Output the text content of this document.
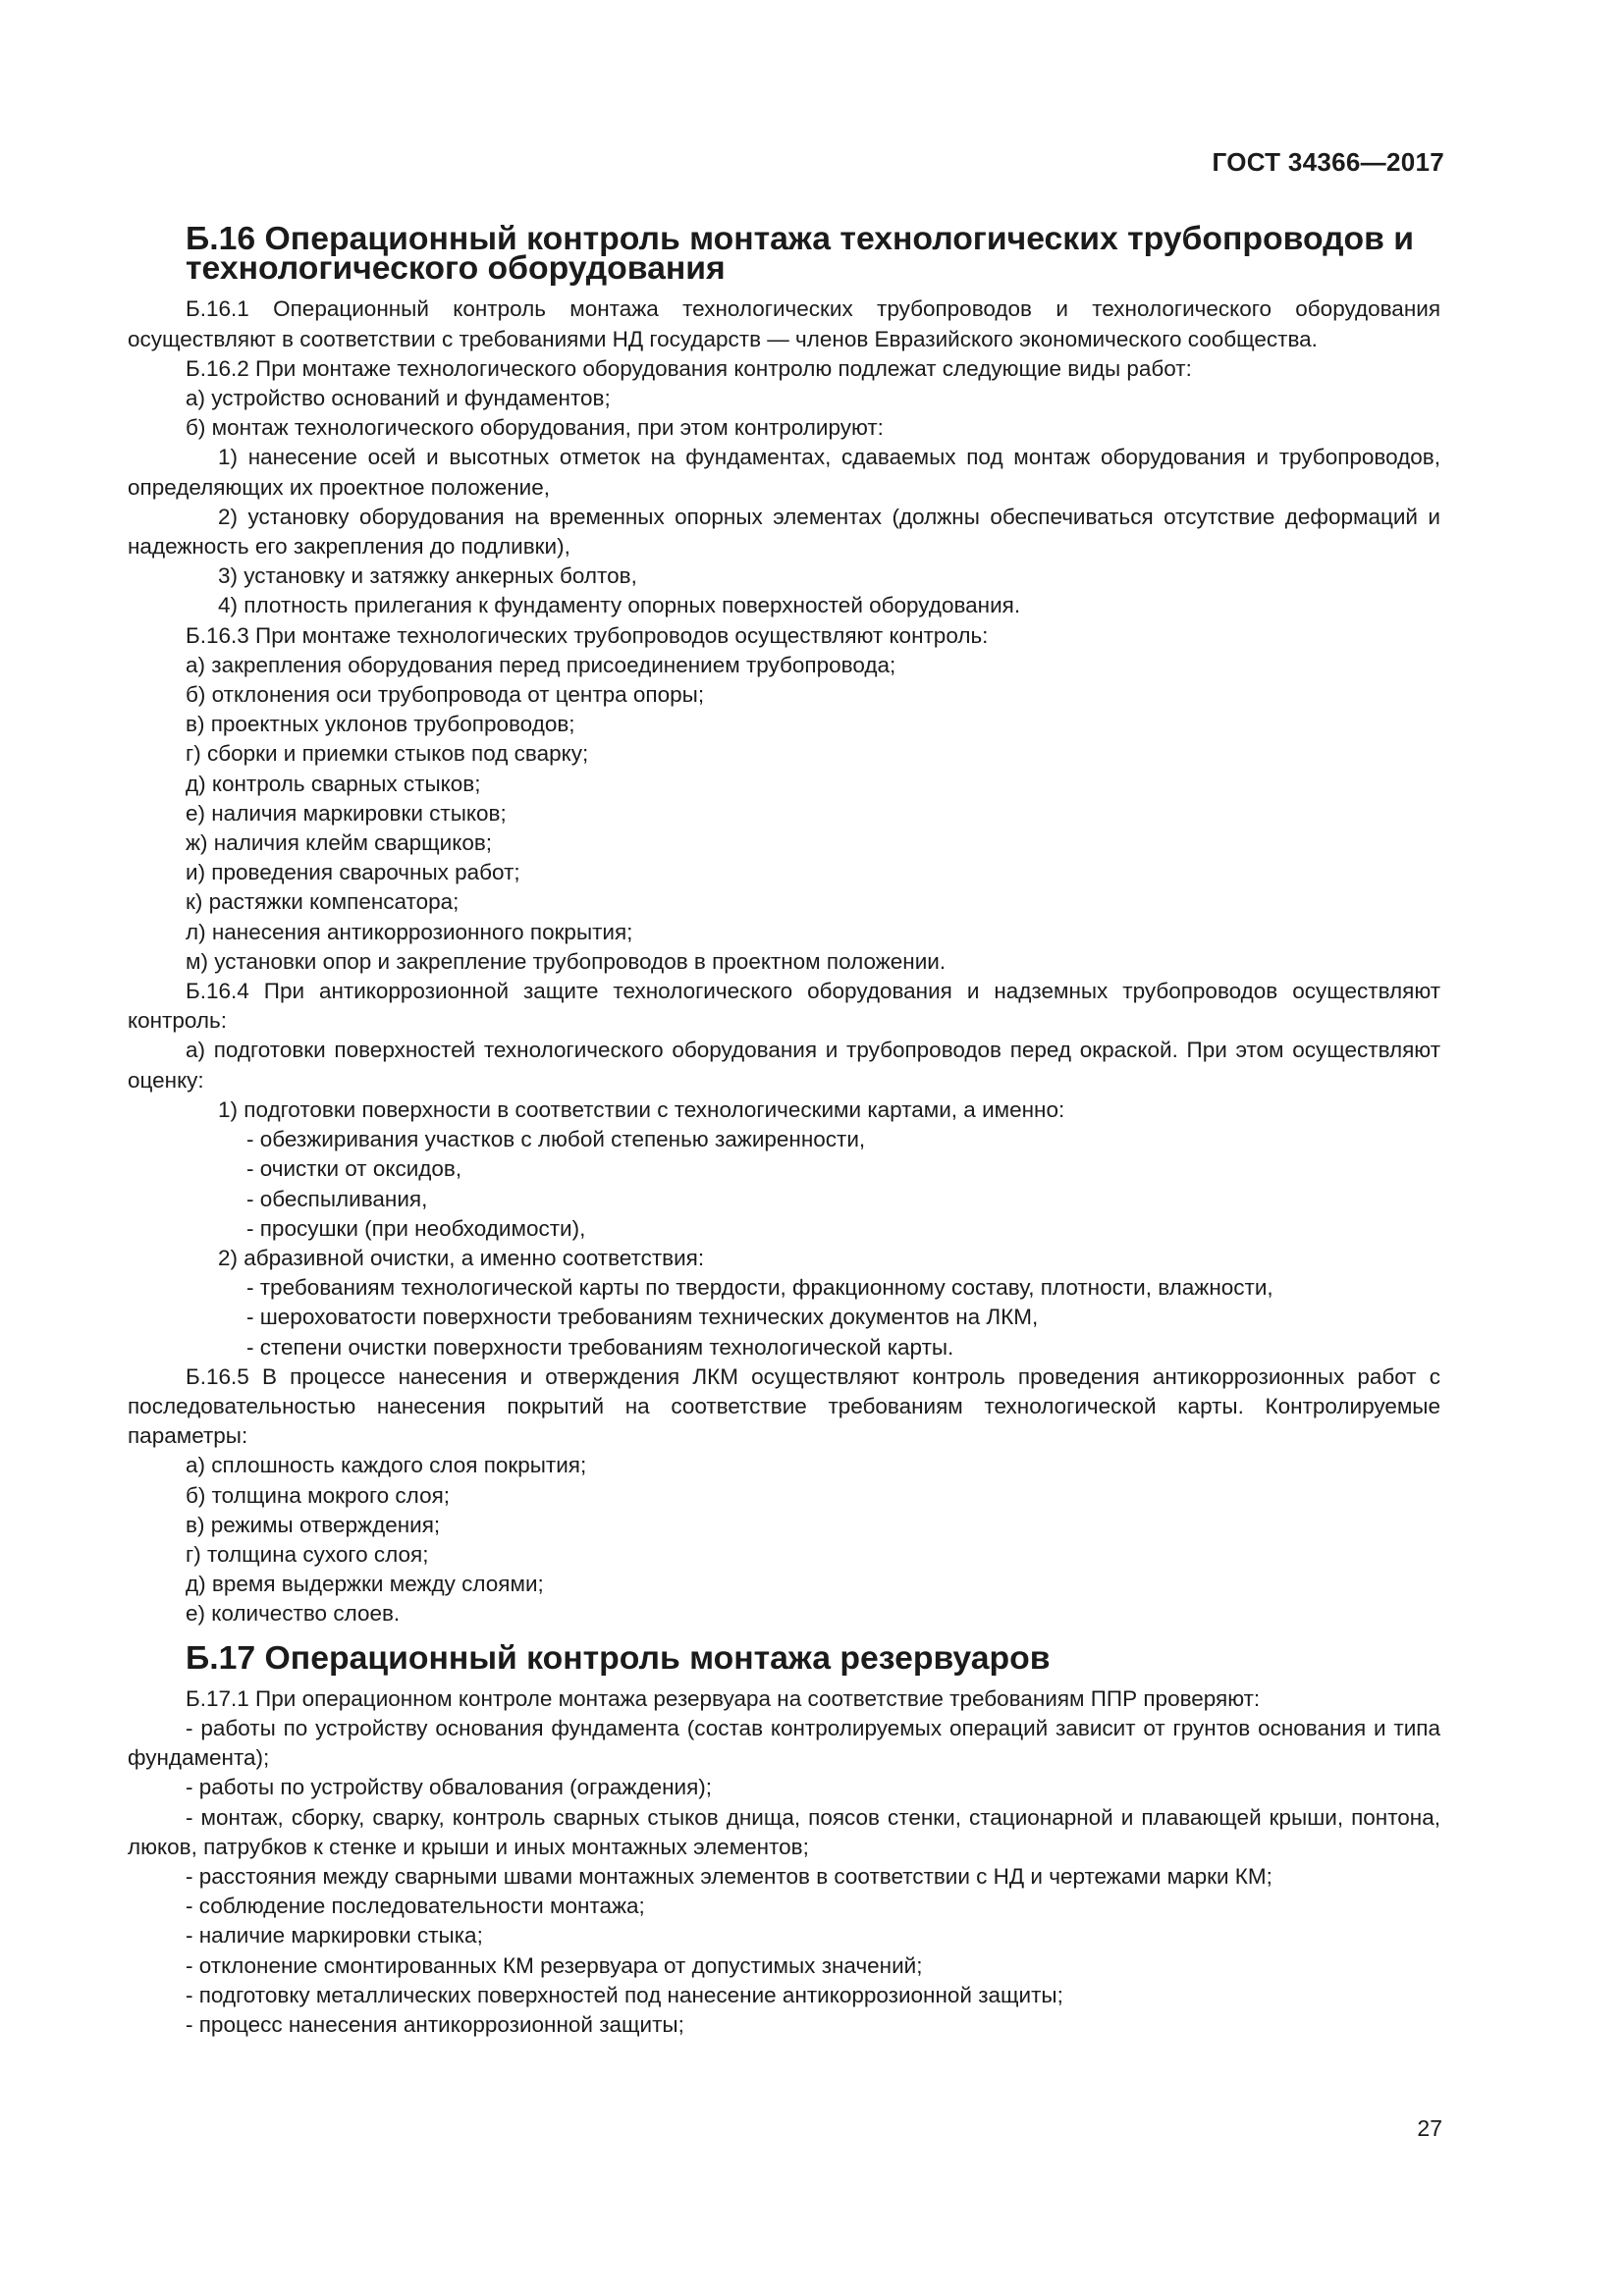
ГОСТ 34366—2017
Б.16 Операционный контроль монтажа технологических трубопроводов и технологического оборудования

Б.16.1 Операционный контроль монтажа технологических трубопроводов и технологического оборудования осуществляют в соответствии с требованиями НД государств — членов Евразийского экономического сообщества.

Б.16.2 При монтаже технологического оборудования контролю подлежат следующие виды работ:

а) устройство оснований и фундаментов;

б) монтаж технологического оборудования, при этом контролируют:

1) нанесение осей и высотных отметок на фундаментах, сдаваемых под монтаж оборудования и трубопроводов, определяющих их проектное положение,

2) установку оборудования на временных опорных элементах (должны обеспечиваться отсутствие деформаций и надежность его закрепления до подливки),

3) установку и затяжку анкерных болтов,

4) плотность прилегания к фундаменту опорных поверхностей оборудования.

Б.16.3 При монтаже технологических трубопроводов осуществляют контроль:

а) закрепления оборудования перед присоединением трубопровода;

б) отклонения оси трубопровода от центра опоры;

в) проектных уклонов трубопроводов;

г) сборки и приемки стыков под сварку;

д) контроль сварных стыков;

е) наличия маркировки стыков;

ж) наличия клейм сварщиков;

и) проведения сварочных работ;

к) растяжки компенсатора;

л) нанесения антикоррозионного покрытия;

м) установки опор и закрепление трубопроводов в проектном положении.

Б.16.4 При антикоррозионной защите технологического оборудования и надземных трубопроводов осуществляют контроль:

а) подготовки поверхностей технологического оборудования и трубопроводов перед окраской. При этом осуществляют оценку:

1) подготовки поверхности в соответствии с технологическими картами, а именно:

- обезжиривания участков с любой степенью зажиренности,

- очистки от оксидов,

- обеспыливания,

- просушки (при необходимости),

2) абразивной очистки, а именно соответствия:

- требованиям технологической карты по твердости, фракционному составу, плотности, влажности,

- шероховатости поверхности требованиям технических документов на ЛКМ,

- степени очистки поверхности требованиям технологической карты.

Б.16.5 В процессе нанесения и отверждения ЛКМ осуществляют контроль проведения антикоррозионных работ с последовательностью нанесения покрытий на соответствие требованиям технологической карты. Контролируемые параметры:

а) сплошность каждого слоя покрытия;

б) толщина мокрого слоя;

в) режимы отверждения;

г) толщина сухого слоя;

д) время выдержки между слоями;

е) количество слоев.

Б.17 Операционный контроль монтажа резервуаров

Б.17.1 При операционном контроле монтажа резервуара на соответствие требованиям ППР проверяют:

- работы по устройству основания фундамента (состав контролируемых операций зависит от грунтов основания и типа фундамента);

- работы по устройству обвалования (ограждения);

- монтаж, сборку, сварку, контроль сварных стыков днища, поясов стенки, стационарной и плавающей крыши, понтона, люков, патрубков к стенке и крыши и иных монтажных элементов;

- расстояния между сварными швами монтажных элементов в соответствии с НД и чертежами марки КМ;

- соблюдение последовательности монтажа;

- наличие маркировки стыка;

- отклонение смонтированных КМ резервуара от допустимых значений;

- подготовку металлических поверхностей под нанесение антикоррозионной защиты;

- процесс нанесения антикоррозионной защиты;

27
